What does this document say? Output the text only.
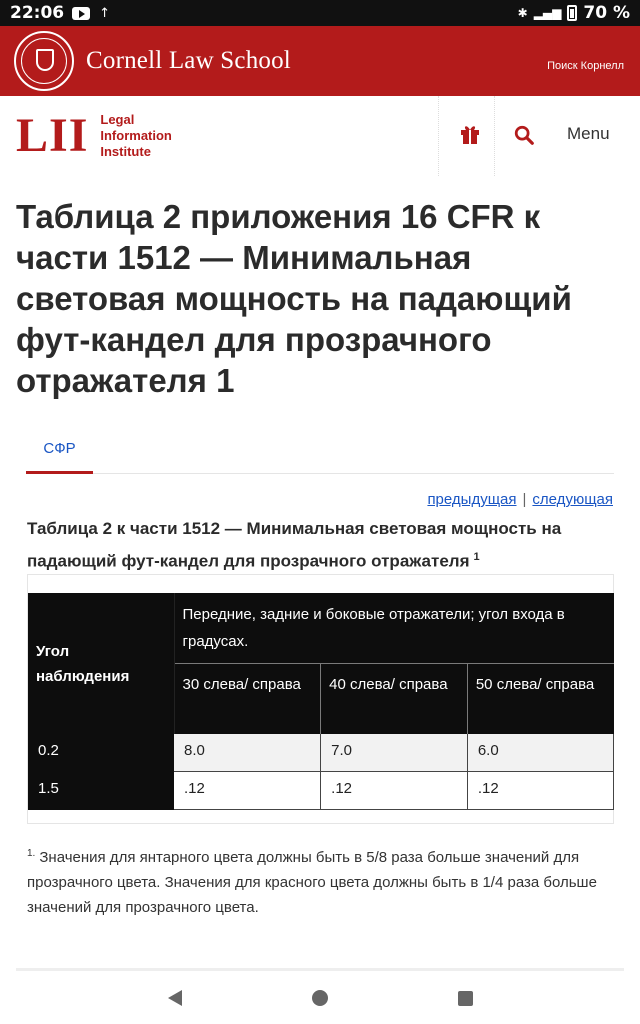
22:06	↑	✱ ▂▄▆ 70 %
Cornell Law School	Поиск Корнелл
LII Legal
Information
Institute
Menu
Таблица 2 приложения 16 CFR к части 1512 — Минимальная световая мощность на падающий фут-кандел для прозрачного отражателя 1
СФР
предыдущая | следующая
Таблица 2 к части 1512 — Минимальная световая мощность на падающий фут-кандел для прозрачного отражателя $^1$
Угол наблюдения	Передние, задние и боковые отражатели; угол входа в градусах.		
	30 слева/ справа	40 слева/ справа	50 слева/ справа
0.2	8.0	7.0	6.0
1.5	.12	.12	.12
$^{1.}$ Значения для янтарного цвета должны быть в 5/8 раза больше значений для прозрачного цвета. Значения для красного цвета должны быть в 1/4 раза больше значений для прозрачного цвета.
